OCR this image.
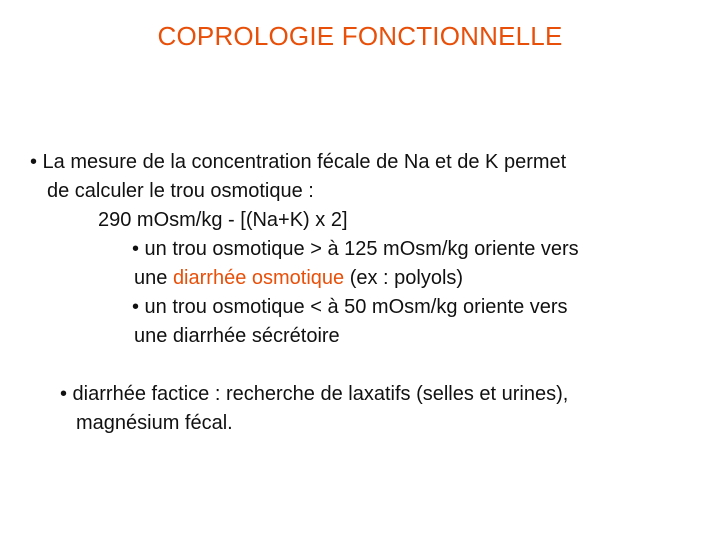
COPROLOGIE FONCTIONNELLE
• La mesure de la concentration fécale de Na et de K permet
de calculer le trou osmotique :
290 mOsm/kg - [(Na+K) x 2]
• un trou osmotique > à 125 mOsm/kg oriente vers
une diarrhée osmotique (ex : polyols)
• un trou osmotique < à 50 mOsm/kg oriente vers
une diarrhée sécrétoire
• diarrhée factice : recherche de laxatifs (selles et urines),
magnésium fécal.
